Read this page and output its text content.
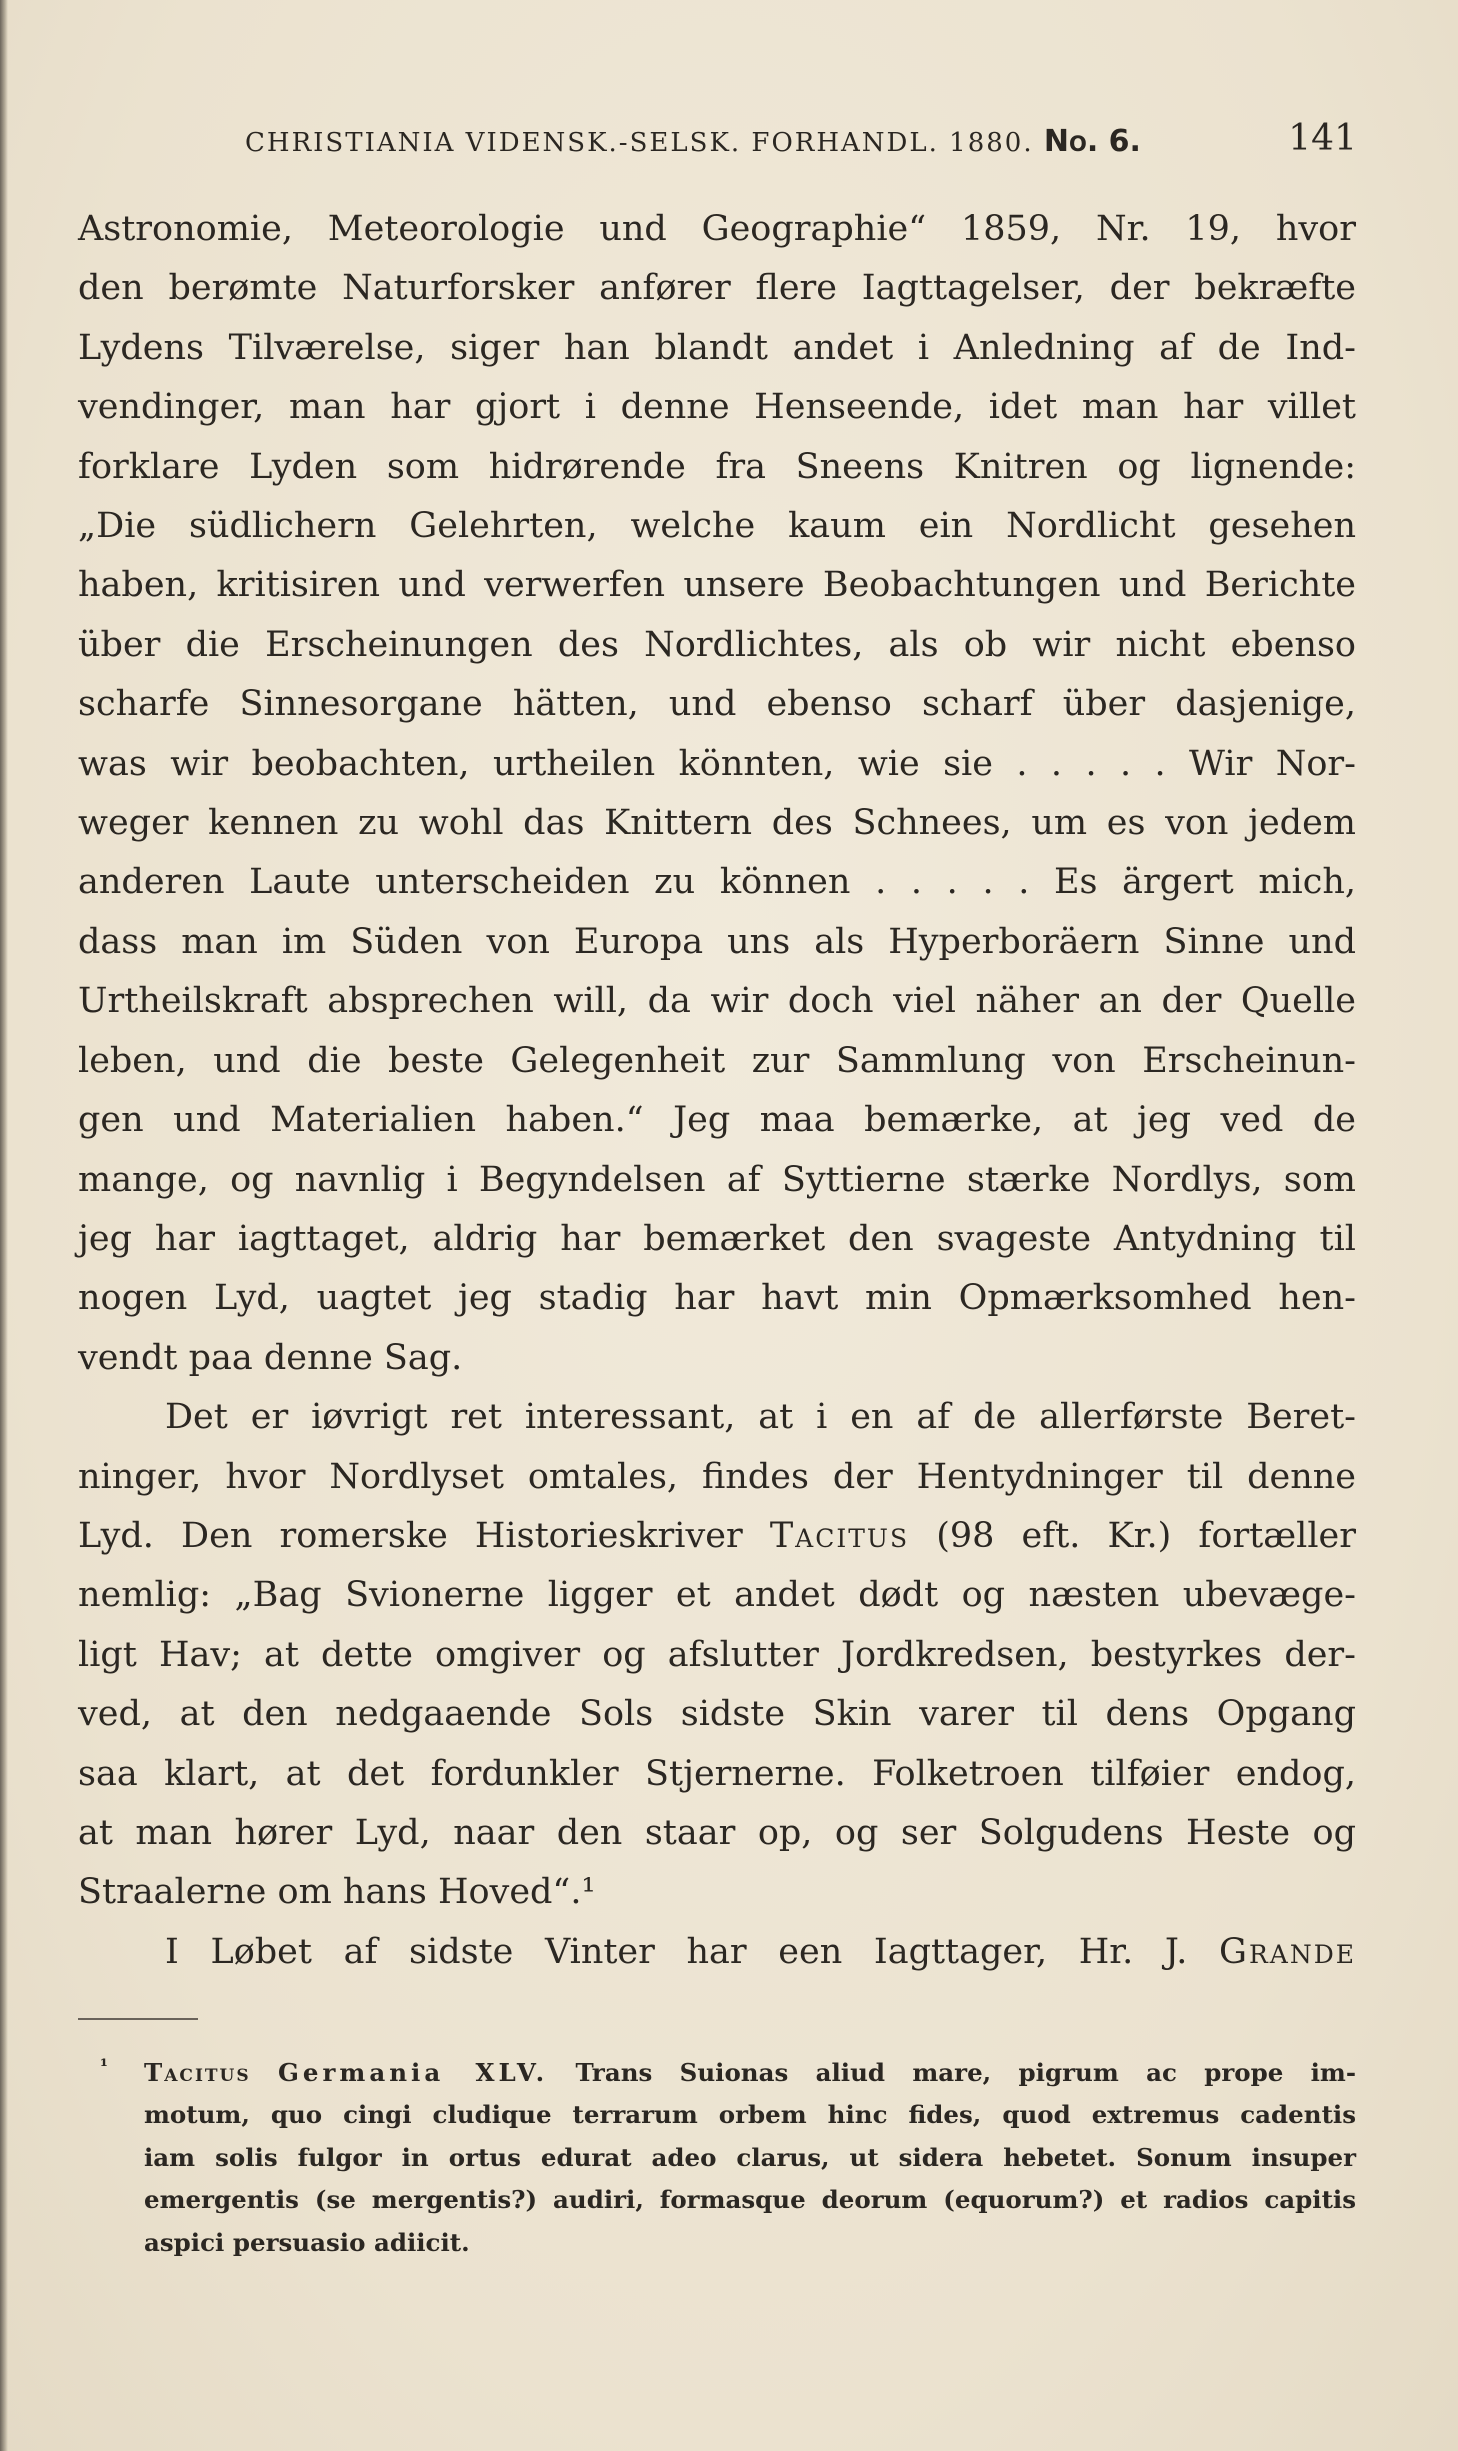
CHRISTIANIA VIDENSK.-SELSK. FORHANDL. 1880. No. 6.	141
Astronomie, Meteorologie und Geographie“ 1859, Nr. 19, hvor
den berømte Naturforsker anfører flere Iagttagelser, der bekræfte
Lydens Tilværelse, siger han blandt andet i Anledning af de Ind-
vendinger, man har gjort i denne Henseende, idet man har villet
forklare Lyden som hidrørende fra Sneens Knitren og lignende:
„Die südlichern Gelehrten, welche kaum ein Nordlicht gesehen
haben, kritisiren und verwerfen unsere Beobachtungen und Berichte
über die Erscheinungen des Nordlichtes, als ob wir nicht ebenso
scharfe Sinnesorgane hätten, und ebenso scharf über dasjenige,
was wir beobachten, urtheilen könnten, wie sie . . . . . Wir Nor-
weger kennen zu wohl das Knittern des Schnees, um es von jedem
anderen Laute unterscheiden zu können . . . . . Es ärgert mich,
dass man im Süden von Europa uns als Hyperboräern Sinne und
Urtheilskraft absprechen will, da wir doch viel näher an der Quelle
leben, und die beste Gelegenheit zur Sammlung von Erscheinun-
gen und Materialien haben.“ Jeg maa bemærke, at jeg ved de
mange, og navnlig i Begyndelsen af Syttierne stærke Nordlys, som
jeg har iagttaget, aldrig har bemærket den svageste Antydning til
nogen Lyd, uagtet jeg stadig har havt min Opmærksomhed hen-
vendt paa denne Sag.
Det er iøvrigt ret interessant, at i en af de allerførste Beret-
ninger, hvor Nordlyset omtales, findes der Hentydninger til denne
Lyd. Den romerske Historieskriver Tacitus (98 eft. Kr.) fortæller
nemlig: „Bag Svionerne ligger et andet dødt og næsten ubevæge-
ligt Hav; at dette omgiver og afslutter Jordkredsen, bestyrkes der-
ved, at den nedgaaende Sols sidste Skin varer til dens Opgang
saa klart, at det fordunkler Stjernerne. Folketroen tilføier endog,
at man hører Lyd, naar den staar op, og ser Solgudens Heste og
Straalerne om hans Hoved“.¹
I Løbet af sidste Vinter har een Iagttager, Hr. J. Grande
¹ Tacitus Germania XLV. Trans Suionas aliud mare, pigrum ac prope im-
motum, quo cingi cludique terrarum orbem hinc fides, quod extremus cadentis
iam solis fulgor in ortus edurat adeo clarus, ut sidera hebetet. Sonum insuper
emergentis (se mergentis?) audiri, formasque deorum (equorum?) et radios capitis
aspici persuasio adiicit.
